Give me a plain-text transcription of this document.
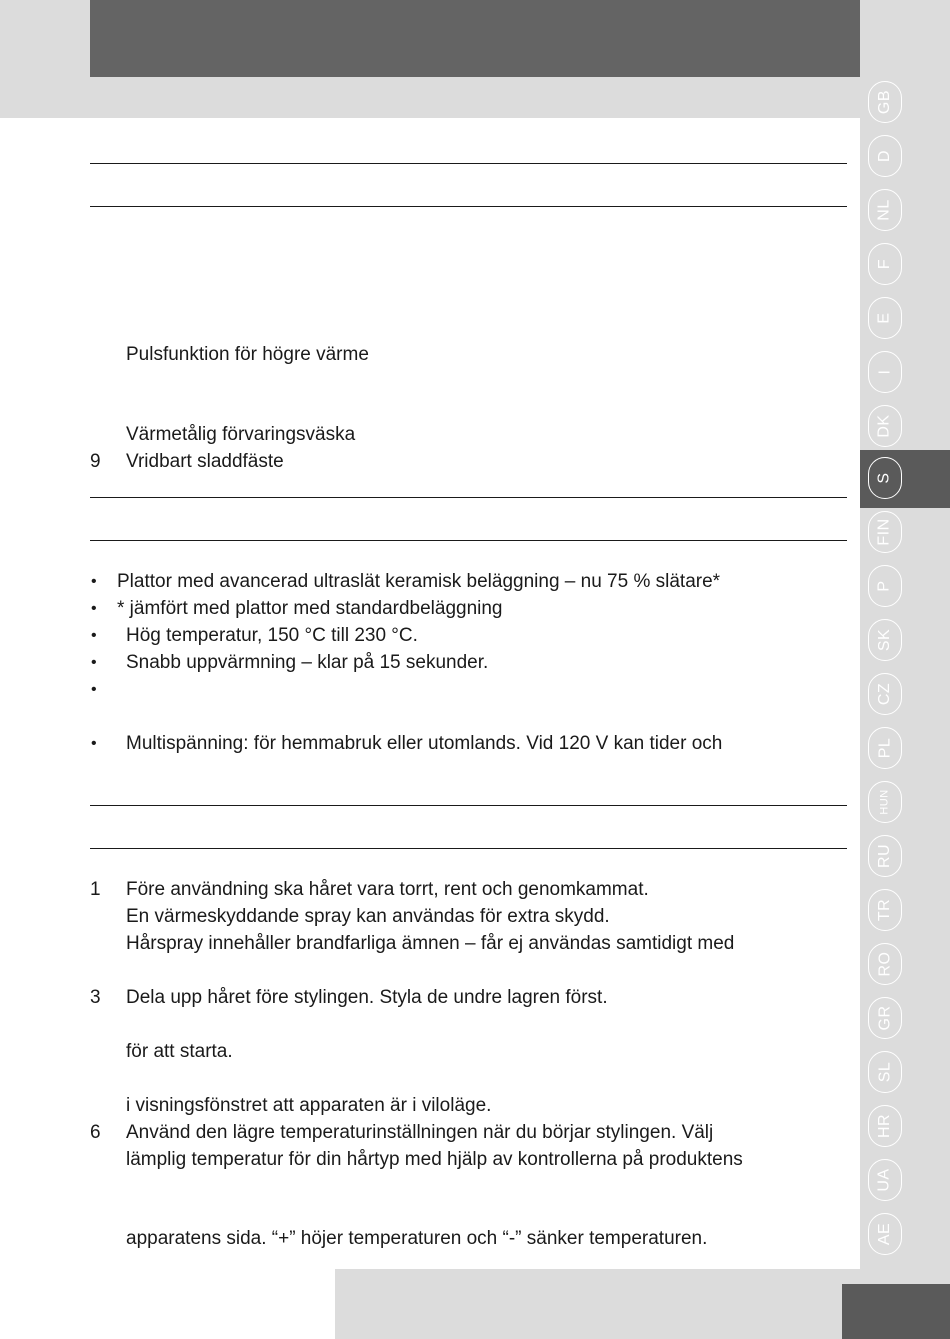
Pulsfunktion för högre värme
Värmetålig förvaringsväska
9 Vridbart sladdfäste
• Plattor med avancerad ultraslät keramisk beläggning – nu 75 % slätare*
• * jämfört med plattor med standardbeläggning
• Hög temperatur, 150 °C till 230 °C.
• Snabb uppvärmning – klar på 15 sekunder.
•
• Multispänning: för hemmabruk eller utomlands. Vid 120 V kan tider och
1 Före användning ska håret vara torrt, rent och genomkammat.
En värmeskyddande spray kan användas för extra skydd.
Hårspray innehåller brandfarliga ämnen – får ej användas samtidigt med
3 Dela upp håret före stylingen. Styla de undre lagren först.
för att starta.
i visningsfönstret att apparaten är i viloläge.
6 Använd den lägre temperaturinställningen när du börjar stylingen. Välj
lämplig temperatur för din hårtyp med hjälp av kontrollerna på produktens
apparatens sida. “+” höjer temperaturen och “-” sänker temperaturen.
GB
D
NL
F
E
I
DK
S
FIN
P
SK
CZ
PL
HUN
RU
TR
RO
GR
SL
HR
UA
AE
